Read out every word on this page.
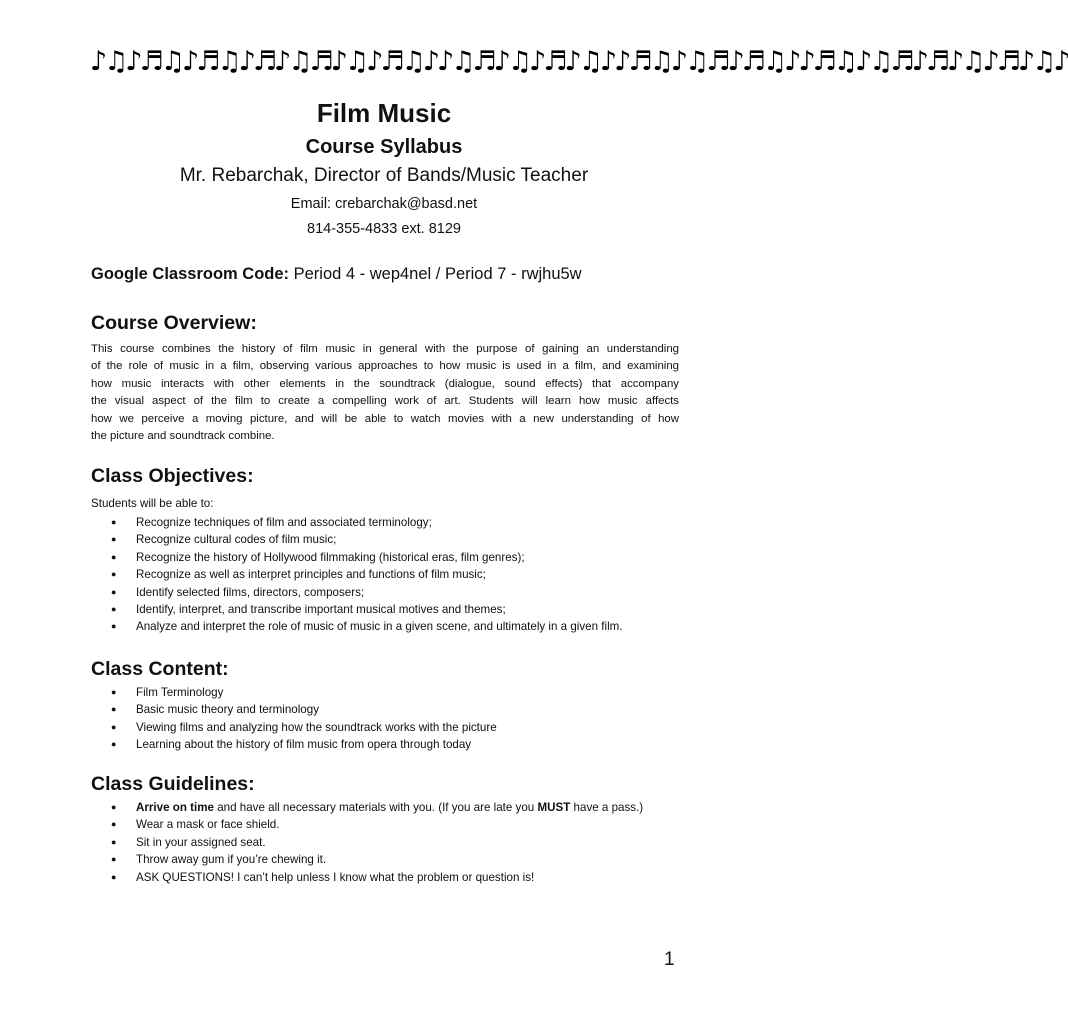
♪♫♪♬♫♪♬♫♪♬♪♫♬♪♫♪♬♫♪♪♫♬♪♫♪♬♪♫♪♪♬♫♪♫♬♪♬♫♪♪♬♫♪♫♬♪♬♪♫♪♬♪♫♪
Film Music
Course Syllabus
Mr. Rebarchak, Director of Bands/Music Teacher
Email: crebarchak@basd.net
814-355-4833 ext. 8129
Google Classroom Code: Period 4 - wep4nel / Period 7 - rwjhu5w
Course Overview:
This course combines the history of film music in general with the purpose of gaining an understanding
of the role of music in a film, observing various approaches to how music is used in a film, and examining
how music interacts with other elements in the soundtrack (dialogue, sound effects) that accompany
the visual aspect of the film to create a compelling work of art. Students will learn how music affects
how we perceive a moving picture, and will be able to watch movies with a new understanding of how
the picture and soundtrack combine.
Class Objectives:
Students will be able to:
● Recognize techniques of film and associated terminology;
● Recognize cultural codes of film music;
● Recognize the history of Hollywood filmmaking (historical eras, film genres);
● Recognize as well as interpret principles and functions of film music;
● Identify selected films, directors, composers;
● Identify, interpret, and transcribe important musical motives and themes;
● Analyze and interpret the role of music of music in a given scene, and ultimately in a given film.
Class Content:
● Film Terminology
● Basic music theory and terminology
● Viewing films and analyzing how the soundtrack works with the picture
● Learning about the history of film music from opera through today
Class Guidelines:
● Arrive on time and have all necessary materials with you. (If you are late you MUST have a pass.)
● Wear a mask or face shield.
● Sit in your assigned seat.
● Throw away gum if you’re chewing it.
● ASK QUESTIONS! I can’t help unless I know what the problem or question is!
1
